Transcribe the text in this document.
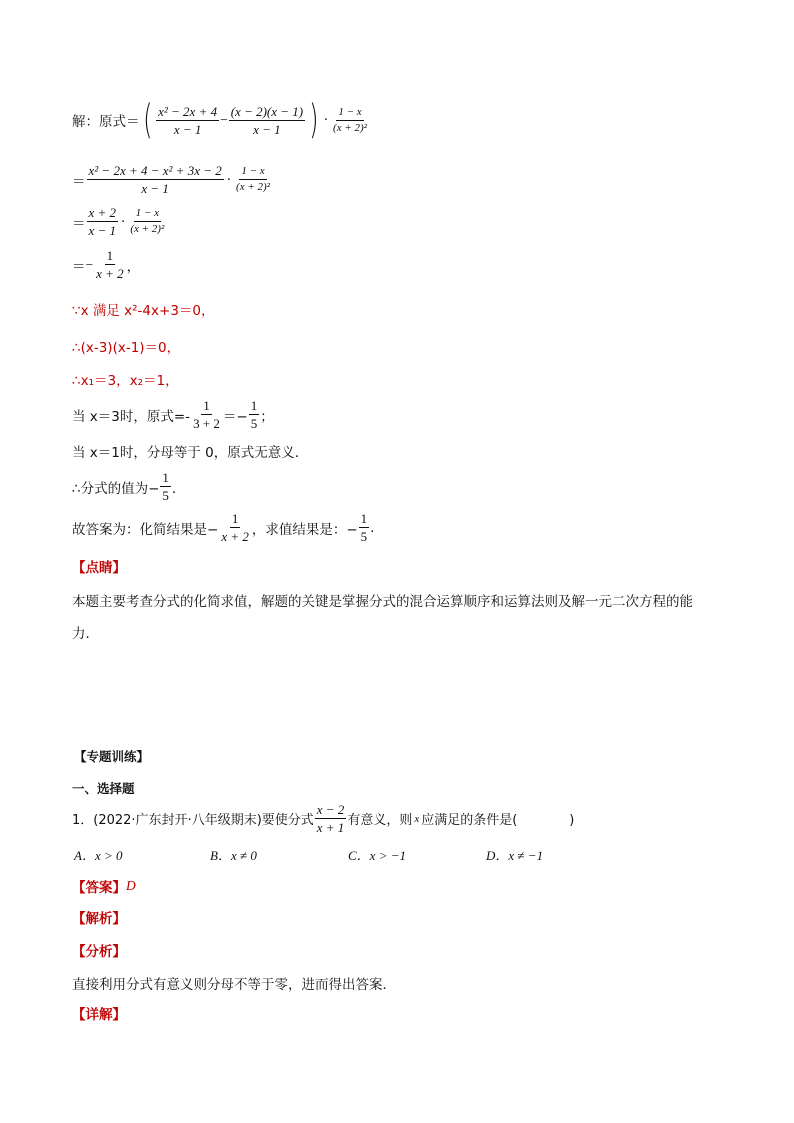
解：原式＝ ( $\frac{\text{x² − 2x + 4}}{x - 1} - \frac{(x - 2)(x - 1)}{x - 1}$ ) · $\frac{1 - x}{\text{(x + 2)²}}$
＝ $\frac{\text{x² − 2x + 4 − x² + 3x − 2}}{x - 1} \cdot \frac{1 - x}{\text{(x + 2)²}}$
＝ $\frac{x + 2}{x - 1} \cdot \frac{1 - x}{\text{(x + 2)²}}$
＝ − $\frac{1}{x + 2}$ ，
∵x 满足 x²-4x+3＝0，
∴(x-3)(x-1)＝0，
∴x₁＝3，x₂＝1，
当 x＝3时，原式=- $\frac{1}{3 + 2} =- \frac{1}{5}$ ；
当 x＝1时，分母等于 0，原式无意义．
∴分式的值为− $\frac{1}{5}$ ．
故答案为：化简结果是− $\frac{1}{x + 2}$ ，求值结果是：− $\frac{1}{5}$ .
【点睛】
本题主要考查分式的化简求值，解题的关键是掌握分式的混合运算顺序和运算法则及解一元二次方程的能
力．
【专题训练】
一、选择题
1．(2022·广东封开·八年级期末)要使分式 $\frac{x - 2}{x + 1}$ 有意义，则 x 应满足的条件是(　　　　)
A．x > 0	B．x ≠ 0	C．x > −1	D．x ≠ −1
【答案】 D
【解析】
【分析】
直接利用分式有意义则分母不等于零，进而得出答案．
【详解】
